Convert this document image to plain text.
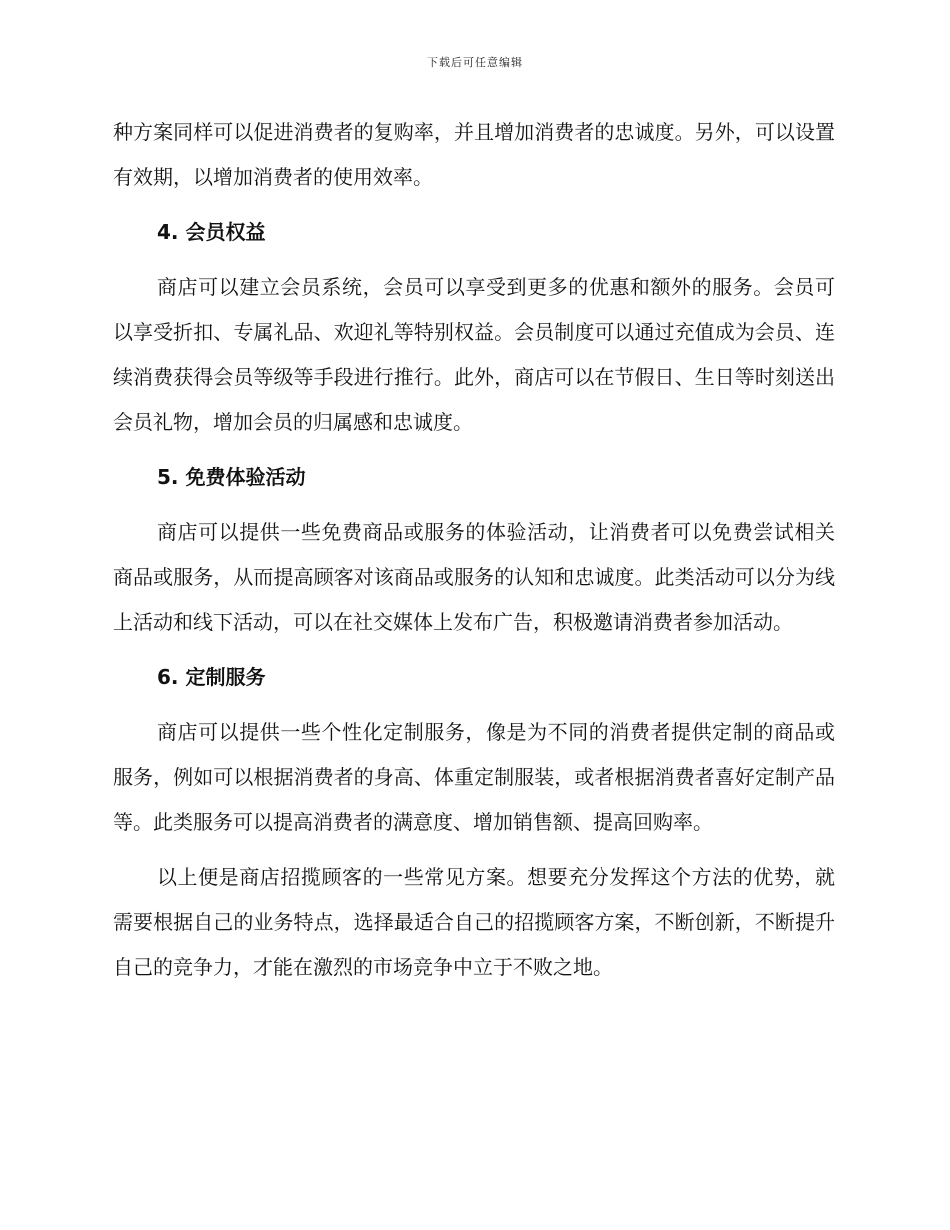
下载后可任意编辑

种方案同样可以促进消费者的复购率，并且增加消费者的忠诚度。另外，可以设置有效期，以增加消费者的使用效率。

4. 会员权益

商店可以建立会员系统，会员可以享受到更多的优惠和额外的服务。会员可以享受折扣、专属礼品、欢迎礼等特别权益。会员制度可以通过充值成为会员、连续消费获得会员等级等手段进行推行。此外，商店可以在节假日、生日等时刻送出会员礼物，增加会员的归属感和忠诚度。

5. 免费体验活动

商店可以提供一些免费商品或服务的体验活动，让消费者可以免费尝试相关商品或服务，从而提高顾客对该商品或服务的认知和忠诚度。此类活动可以分为线上活动和线下活动，可以在社交媒体上发布广告，积极邀请消费者参加活动。

6. 定制服务

商店可以提供一些个性化定制服务，像是为不同的消费者提供定制的商品或服务，例如可以根据消费者的身高、体重定制服装，或者根据消费者喜好定制产品等。此类服务可以提高消费者的满意度、增加销售额、提高回购率。

以上便是商店招揽顾客的一些常见方案。想要充分发挥这个方法的优势，就需要根据自己的业务特点，选择最适合自己的招揽顾客方案，不断创新，不断提升自己的竞争力，才能在激烈的市场竞争中立于不败之地。
